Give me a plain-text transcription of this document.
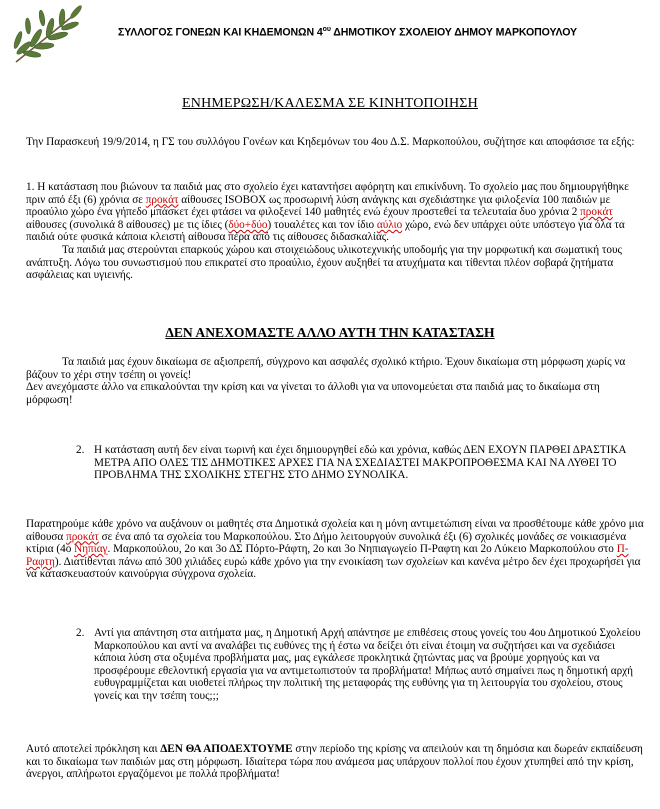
ΣΥΛΛΟΓΟΣ ΓΟΝΕΩΝ ΚΑΙ ΚΗΔΕΜΟΝΩΝ $4^{o\upsilon}$ ΔΗΜΟΤΙΚΟΥ ΣΧΟΛΕΙΟΥ ΔΗΜΟΥ ΜΑΡΚΟΠΟΥΛΟΥ
ΕΝΗΜΕΡΩΣΗ/ΚΑΛΕΣΜΑ ΣΕ ΚΙΝΗΤΟΠΟΙΗΣΗ

Την Παρασκευή 19/9/2014, η ΓΣ του συλλόγου Γονέων και Κηδεμόνων του 4ου Δ.Σ. Μαρκοπούλου, συζήτησε και αποφάσισε τα εξής:

1. Η κατάσταση που βιώνουν τα παιδιά μας στο σχολείο έχει καταντήσει αφόρητη και επικίνδυνη. Το σχολείο μας που δημιουργήθηκε πριν από έξι (6) χρόνια σε προκάτ αίθουσες ISOBOX ως προσωρινή λύση ανάγκης και σχεδιάστηκε για φιλοξενία 100 παιδιών με προαύλιο χώρο ένα γήπεδο μπάσκετ έχει φτάσει να φιλοξενεί 140 μαθητές ενώ έχουν προστεθεί τα τελευταία δυο χρόνια 2 προκάτ αίθουσες (συνολικά 8 αίθουσες) με τις ίδιες (δύο+δύο) τουαλέτες και τον ίδιο αύλιο χώρο, ενώ δεν υπάρχει ούτε υπόστεγο για όλα τα παιδιά ούτε φυσικά κάποια κλειστή αίθουσα πέρα από τις αίθουσες διδασκαλίας.

Τα παιδιά μας στερούνται επαρκούς χώρου και στοιχειώδους υλικοτεχνικής υποδομής για την μορφωτική και σωματική τους ανάπτυξη. Λόγω του συνωστισμού που επικρατεί στο προαύλιο, έχουν αυξηθεί τα ατυχήματα και τίθενται πλέον σοβαρά ζητήματα ασφάλειας και υγιεινής.

ΔΕΝ ΑΝΕΧΟΜΑΣΤΕ ΑΛΛΟ ΑΥΤΗ ΤΗΝ ΚΑΤΑΣΤΑΣΗ

Τα παιδιά μας έχουν δικαίωμα σε αξιοπρεπή, σύγχρονο και ασφαλές σχολικό κτήριο. Έχουν δικαίωμα στη μόρφωση χωρίς να βάζουν το χέρι στην τσέπη οι γονείς!

Δεν ανεχόμαστε άλλο να επικαλούνται την κρίση και να γίνεται το άλλοθι για να υπονομεύεται στα παιδιά μας το δικαίωμα στη μόρφωση!

2. Η κατάσταση αυτή δεν είναι τωρινή και έχει δημιουργηθεί εδώ και χρόνια, καθώς ΔΕΝ ΕΧΟΥΝ ΠΑΡΘΕΙ ΔΡΑΣΤΙΚΑ ΜΕΤΡΑ ΑΠΟ ΟΛΕΣ ΤΙΣ ΔΗΜΟΤΙΚΕΣ ΑΡΧΕΣ ΓΙΑ ΝΑ ΣΧΕΔΙΑΣΤΕΙ ΜΑΚΡΟΠΡΟΘΕΣΜΑ ΚΑΙ ΝΑ ΛΥΘΕΙ ΤΟ ΠΡΟΒΛΗΜΑ ΤΗΣ ΣΧΟΛΙΚΗΣ ΣΤΕΓΗΣ ΣΤΟ ΔΗΜΟ ΣΥΝΟΛΙΚΑ.

Παρατηρούμε κάθε χρόνο να αυξάνουν οι μαθητές στα Δημοτικά σχολεία και η μόνη αντιμετώπιση είναι να προσθέτουμε κάθε χρόνο μια αίθουσα προκάτ σε ένα από τα σχολεία του Μαρκοπούλου. Στο Δήμο λειτουργούν συνολικά έξι (6) σχολικές μονάδες σε νοικιασμένα κτίρια (4ο Νηπιαγ. Μαρκοπούλου, 2ο και 3ο ΔΣ Πόρτο-Ράφτη, 2ο και 3ο Νηπιαγωγείο Π-Ραφτη και 2ο Λύκειο Μαρκοπούλου στο Π-Ραφτη). Διατίθενται πάνω από 300 χιλιάδες ευρώ κάθε χρόνο για την ενοικίαση των σχολείων και κανένα μέτρο δεν έχει προχωρήσει για να κατασκευαστούν καινούργια σύγχρονα σχολεία.

2. Αντί για απάντηση στα αιτήματα μας, η Δημοτική Αρχή απάντησε με επιθέσεις στους γονείς του 4ου Δημοτικού Σχολείου Μαρκοπούλου και αντί να αναλάβει τις ευθύνες της ή έστω να δείξει ότι είναι έτοιμη να συζητήσει και να σχεδιάσει κάποια λύση στα οξυμένα προβλήματα μας, μας εγκάλεσε προκλητικά ζητώντας μας να βρούμε χορηγούς και να προσφέρουμε εθελοντική εργασία για να αντιμετωπιστούν τα προβλήματα! Μήπως αυτό σημαίνει πως η δημοτική αρχή ευθυγραμμίζεται και υιοθετεί πλήρως την πολιτική της μεταφοράς της ευθύνης για τη λειτουργία του σχολείου, στους γονείς και την τσέπη τους;;;

Αυτό αποτελεί πρόκληση και ΔΕΝ ΘΑ ΑΠΟΔΕΧΤΟΥΜΕ στην περίοδο της κρίσης να απειλούν και τη δημόσια και δωρεάν εκπαίδευση και το δικαίωμα των παιδιών μας στη μόρφωση. Ιδιαίτερα τώρα που ανάμεσα μας υπάρχουν πολλοί που έχουν χτυπηθεί από την κρίση, άνεργοι, απλήρωτοι εργαζόμενοι με πολλά προβλήματα!
